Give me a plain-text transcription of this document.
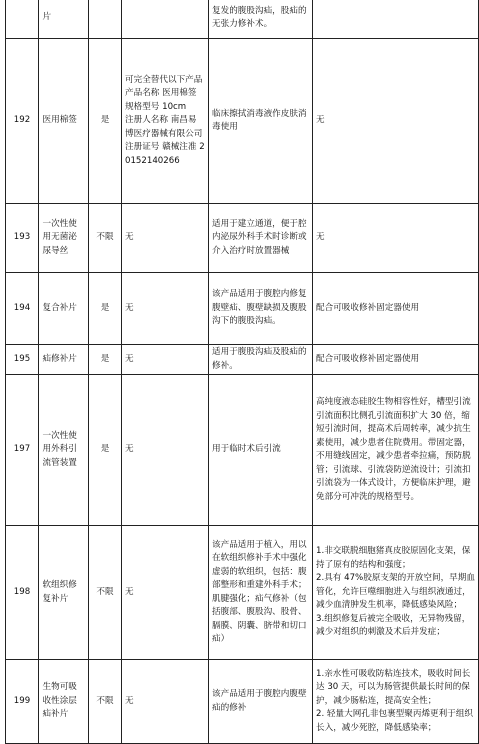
	片			复发的腹股沟疝，股疝的无张力修补术。	
192	医用棉签	是	可完全替代以下产品
产品名称 医用棉签　规格型号 10cm
注册人名称 南昌易博医疗器械有限公司
注册证号 赣械注准 20152140266	临床擦拭消毒液作皮肤消毒使用	无
193	一次性使用无菌泌尿导丝	不限	无	适用于建立通道，便于腔内泌尿外科手术时诊断或介入治疗时放置器械	无
194	复合补片	是	无	该产品适用于腹腔内修复腹壁疝、腹壁缺损及腹股沟下的腹股沟疝。	配合可吸收修补固定器使用
195	疝修补片	是	无	适用于腹股沟疝及股疝的修补。	配合可吸收修补固定器使用
197	一次性使用外科引流管装置	是	无	用于临时术后引流	高纯度液态硅胶生物相容性好，槽型引流引流面积比侧孔引流面积扩大 30 倍，缩短引流时间，提高术后周转率，减少抗生素使用，减少患者住院费用。带固定器，不用缝线固定，减少患者牵拉痛，预防脱管；引流球、引流袋防逆流设计；引流扣引流袋为一体式设计，方便临床护理，避免部分可冲洗的规格型号。
198	软组织修复补片	不限	无	该产品适用于植入，用以在软组织修补手术中强化虚弱的软组织，包括：腹部整形和重建外科手术；肌腱强化；疝气修补（包括腹部、腹股沟、股骨、膈膜、阴囊、脐带和切口疝）	1.非交联脱细胞猪真皮胶原固化支架，保持了原有的结构和强度；
2.具有 47%胶原支架的开放空间，早期血管化，允许巨噬细胞进入与组织液通过，减少血清肿发生机率，降低感染风险；
3.组织修复后被完全吸收，无异物残留，减少对组织的刺激及术后并发症；
199	生物可吸收性涂层疝补片	不限	无	该产品适用于腹腔内腹壁疝的修补	1.亲水性可吸收防粘连技术，吸收时间长达 30 天，可以为肠管提供最长时间的保护，减少肠粘连，提高安全性；
2. 轻量大网孔非包裹型聚丙烯更利于组织长入，减少死腔，降低感染率；
